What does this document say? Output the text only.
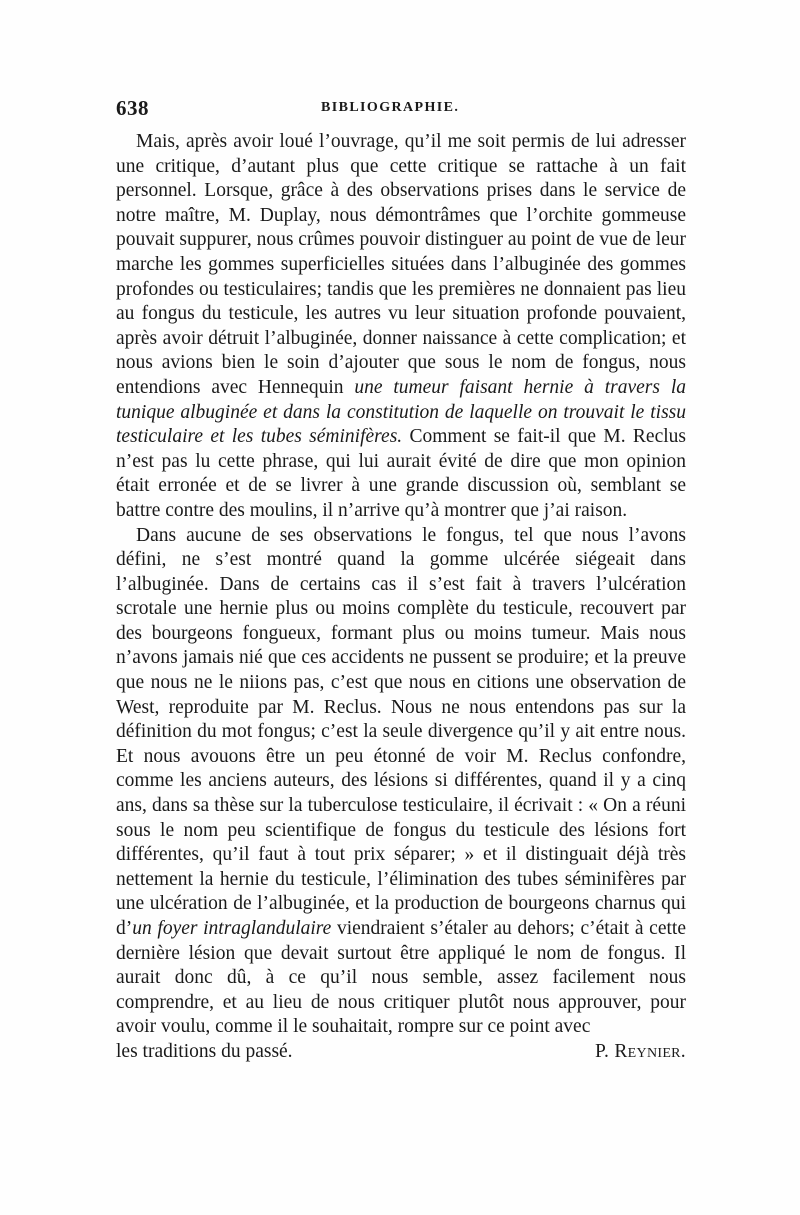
638	BIBLIOGRAPHIE.

Mais, après avoir loué l’ouvrage, qu’il me soit permis de lui adresser une critique, d’autant plus que cette critique se rattache à un fait personnel. Lorsque, grâce à des observations prises dans le service de notre maître, M. Duplay, nous démontrâmes que l’orchite gommeuse pouvait suppurer, nous crûmes pouvoir distinguer au point de vue de leur marche les gommes superficielles situées dans l’albuginée des gommes profondes ou testiculaires; tandis que les premières ne donnaient pas lieu au fongus du testicule, les autres vu leur situation profonde pouvaient, après avoir détruit l’albuginée, donner naissance à cette complication; et nous avions bien le soin d’ajouter que sous le nom de fongus, nous entendions avec Hennequin une tumeur faisant hernie à travers la tunique albuginée et dans la constitution de laquelle on trouvait le tissu testiculaire et les tubes séminifères. Comment se fait-il que M. Reclus n’est pas lu cette phrase, qui lui aurait évité de dire que mon opinion était erronée et de se livrer à une grande discussion où, semblant se battre contre des moulins, il n’arrive qu’à montrer que j’ai raison.

Dans aucune de ses observations le fongus, tel que nous l’avons défini, ne s’est montré quand la gomme ulcérée siégeait dans l’albuginée. Dans de certains cas il s’est fait à travers l’ulcération scrotale une hernie plus ou moins complète du testicule, recouvert par des bourgeons fongueux, formant plus ou moins tumeur. Mais nous n’avons jamais nié que ces accidents ne pussent se produire; et la preuve que nous ne le niions pas, c’est que nous en citions une observation de West, reproduite par M. Reclus. Nous ne nous entendons pas sur la définition du mot fongus; c’est la seule divergence qu’il y ait entre nous. Et nous avouons être un peu étonné de voir M. Reclus confondre, comme les anciens auteurs, des lésions si différentes, quand il y a cinq ans, dans sa thèse sur la tuberculose testiculaire, il écrivait : « On a réuni sous le nom peu scientifique de fongus du testicule des lésions fort différentes, qu’il faut à tout prix séparer; » et il distinguait déjà très nettement la hernie du testicule, l’élimination des tubes séminifères par une ulcération de l’albuginée, et la production de bourgeons charnus qui d’un foyer intraglandulaire viendraient s’étaler au dehors; c’était à cette dernière lésion que devait surtout être appliqué le nom de fongus. Il aurait donc dû, à ce qu’il nous semble, assez facilement nous comprendre, et au lieu de nous critiquer plutôt nous approuver, pour avoir voulu, comme il le souhaitait, rompre sur ce point avec

les traditions du passé.	P. Reynier.
